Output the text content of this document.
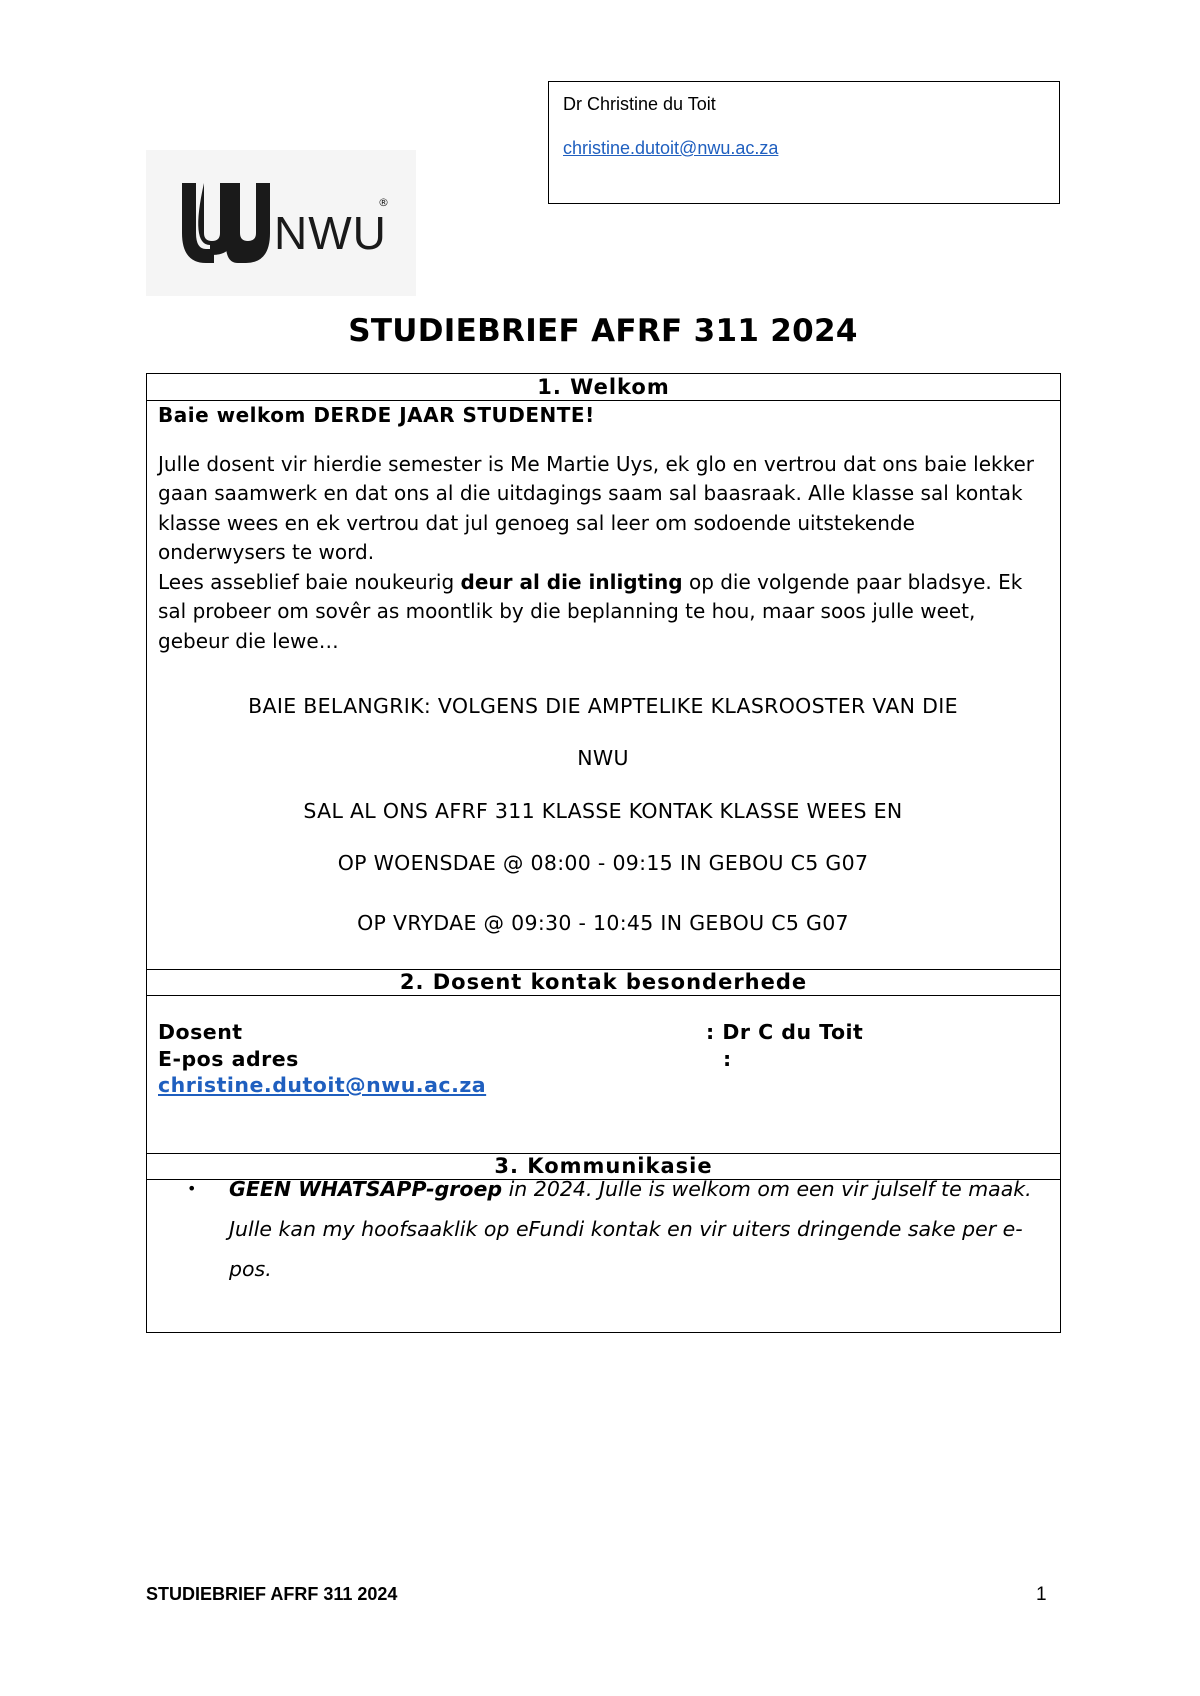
Dr Christine du Toit
christine.dutoit@nwu.ac.za
NWU
®
STUDIEBRIEF AFRF 311 2024
1. Welkom

Baie welkom DERDE JAAR STUDENTE!

Julle dosent vir hierdie semester is Me Martie Uys, ek glo en vertrou dat ons baie lekker gaan saamwerk en dat ons al die uitdagings saam sal baasraak. Alle klasse sal kontak klasse wees en ek vertrou dat jul genoeg sal leer om sodoende uitstekende onderwysers te word.

Lees asseblief baie noukeurig deur al die inligting op die volgende paar bladsye. Ek sal probeer om sovêr as moontlik by die beplanning te hou, maar soos julle weet, gebeur die lewe…

BAIE BELANGRIK: VOLGENS DIE AMPTELIKE KLASROOSTER VAN DIE
NWU
SAL AL ONS AFRF 311 KLASSE KONTAK KLASSE WEES EN
OP WOENSDAE @ 08:00 - 09:15 IN GEBOU C5 G07
OP VRYDAE @ 09:30 - 10:45 IN GEBOU C5 G07
2. Dosent kontak besonderhede
Dosent	: Dr C du Toit
E-pos adres	:
christine.dutoit@nwu.ac.za
3. Kommunikasie
• GEEN WHATSAPP-groep in 2024. Julle is welkom om een vir julself te maak. Julle kan my hoofsaaklik op eFundi kontak en vir uiters dringende sake per e-pos.
STUDIEBRIEF AFRF 311 2024	1
